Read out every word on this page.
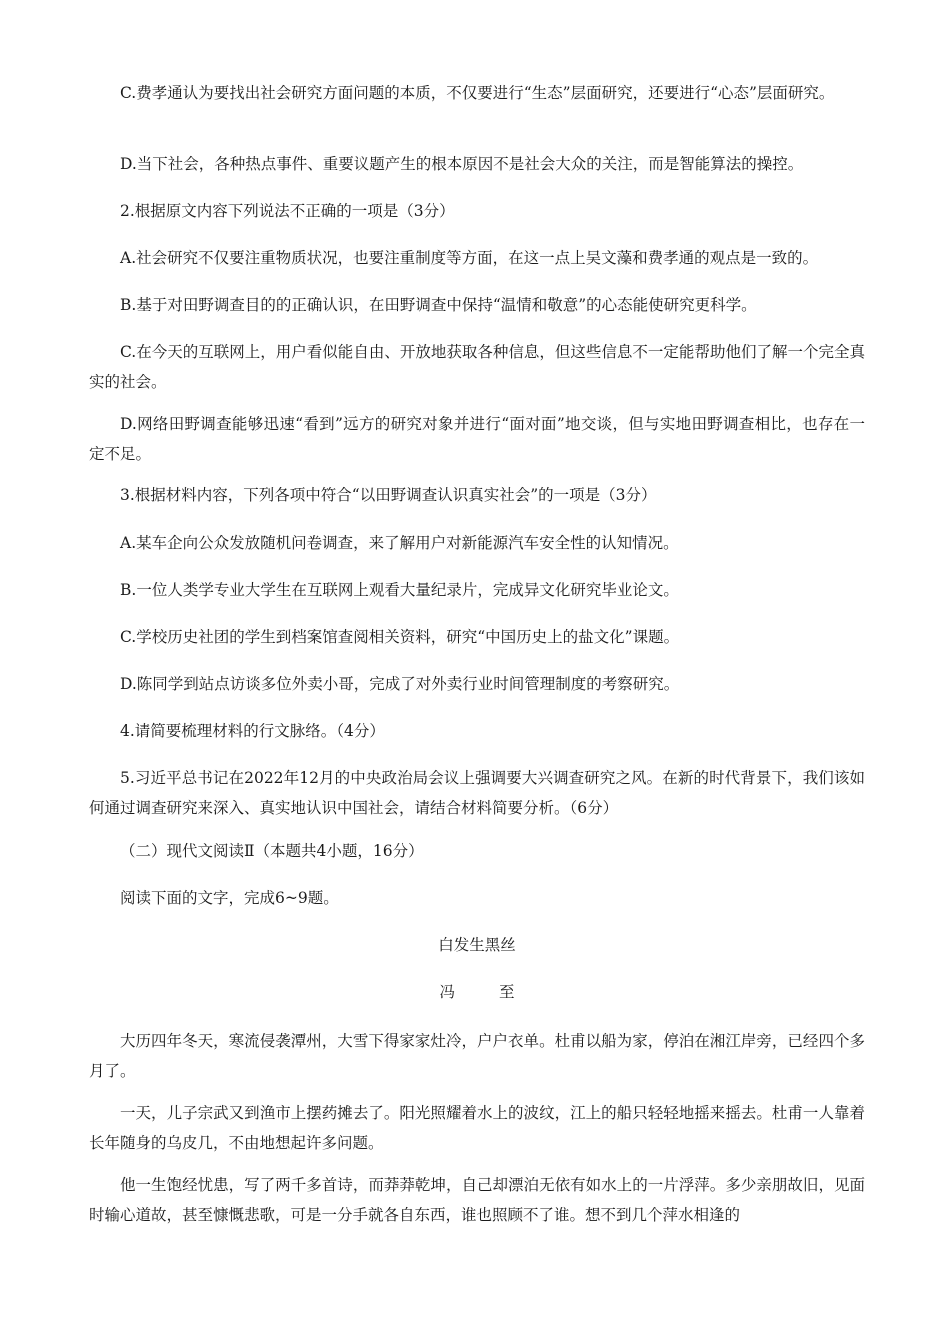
C.费孝通认为要找出社会研究方面问题的本质，不仅要进行“生态”层面研究，还要进行“心态”层面研究。

D.当下社会，各种热点事件、重要议题产生的根本原因不是社会大众的关注，而是智能算法的操控。

2.根据原文内容下列说法不正确的一项是（3分）

A.社会研究不仅要注重物质状况，也要注重制度等方面，在这一点上吴文藻和费孝通的观点是一致的。

B.基于对田野调查目的的正确认识，在田野调查中保持“温情和敬意”的心态能使研究更科学。

C.在今天的互联网上，用户看似能自由、开放地获取各种信息，但这些信息不一定能帮助他们了解一个完全真实的社会。

D.网络田野调查能够迅速“看到”远方的研究对象并进行“面对面”地交谈，但与实地田野调查相比，也存在一定不足。

3.根据材料内容，下列各项中符合“以田野调查认识真实社会”的一项是（3分）

A.某车企向公众发放随机问卷调查，来了解用户对新能源汽车安全性的认知情况。

B.一位人类学专业大学生在互联网上观看大量纪录片，完成异文化研究毕业论文。

C.学校历史社团的学生到档案馆查阅相关资料，研究“中国历史上的盐文化”课题。

D.陈同学到站点访谈多位外卖小哥，完成了对外卖行业时间管理制度的考察研究。

4.请简要梳理材料的行文脉络。（4分）

5.习近平总书记在2022年12月的中央政治局会议上强调要大兴调查研究之风。在新的时代背景下，我们该如何通过调查研究来深入、真实地认识中国社会，请结合材料简要分析。（6分）

（二）现代文阅读Ⅱ（本题共4小题，16分）

阅读下面的文字，完成6~9题。

白发生黑丝

冯	至

大历四年冬天，寒流侵袭潭州，大雪下得家家灶冷，户户衣单。杜甫以船为家，停泊在湘江岸旁，已经四个多月了。

一天，儿子宗武又到渔市上摆药摊去了。阳光照耀着水上的波纹，江上的船只轻轻地摇来摇去。杜甫一人靠着长年随身的乌皮几，不由地想起许多问题。

他一生饱经忧患，写了两千多首诗，而莽莽乾坤，自己却漂泊无依有如水上的一片浮萍。多少亲朋故旧，见面时输心道故，甚至慷慨悲歌，可是一分手就各自东西，谁也照顾不了谁。想不到几个萍水相逢的
